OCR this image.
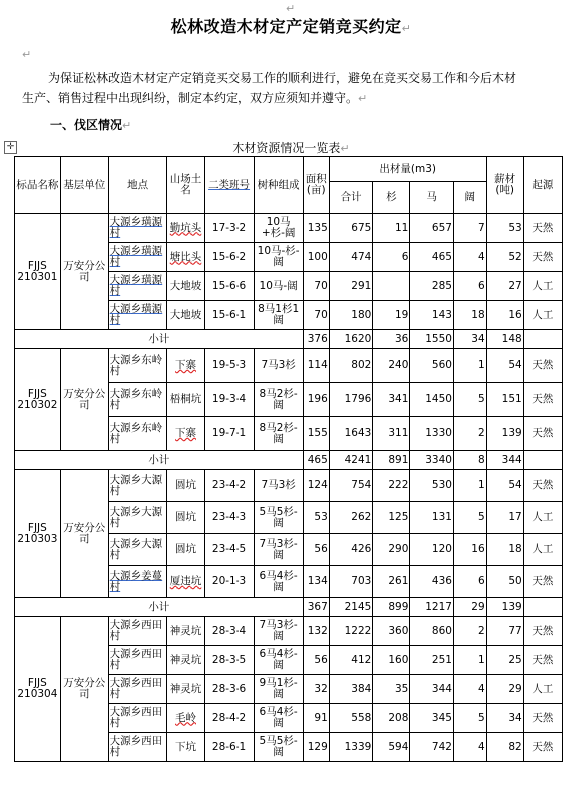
↵
松林改造木材定产定销竞买约定↵
↵
为保证松林改造木材定产定销竞买交易工作的顺利进行，避免在竞买交易工作和今后木材
生产、销售过程中出现纠纷，制定本约定，双方应须知并遵守。↵
一、伐区情况↵
✛	木材资源情况一览表↵
标品名称	基层单位	地点	山场土名	二类班号	树种组成	面积(亩)	出材量(m3)				薪材(吨)	起源
							合计	杉	马	阔		
FJJS 210301	万安分公司	大源乡璜源村	勤坑头	17-3-2	10马+杉-阔	135	675	11	657	7	53	天然
		大源乡璜源村	塘比头	15-6-2	10马-杉-阔	100	474	6	465	4	52	天然
		大源乡璜源村	大地坡	15-6-6	10马-阔	70	291		285	6	27	人工
		大源乡璜源村	大地坡	15-6-1	8马1杉1阔	70	180	19	143	18	16	人工
小计						376	1620	36	1550	34	148	
FJJS 210302	万安分公司	大源乡东岭村	下寨	19-5-3	7马3杉	114	802	240	560	1	54	天然
		大源乡东岭村	梧桐坑	19-3-4	8马2杉-阔	196	1796	341	1450	5	151	天然
		大源乡东岭村	下寨	19-7-1	8马2杉-阔	155	1643	311	1330	2	139	天然
小计						465	4241	891	3340	8	344	
FJJS 210303	万安分公司	大源乡大源村	圆坑	23-4-2	7马3杉	124	754	222	530	1	54	天然
		大源乡大源村	圆坑	23-4-3	5马5杉-阔	53	262	125	131	5	17	人工
		大源乡大源村	圆坑	23-4-5	7马3杉-阔	56	426	290	120	16	18	人工
		大源乡姜蔓村	厦违坑	20-1-3	6马4杉-阔	134	703	261	436	6	50	天然
小计						367	2145	899	1217	29	139	
FJJS 210304	万安分公司	大源乡西田村	神灵坑	28-3-4	7马3杉-阔	132	1222	360	860	2	77	天然
		大源乡西田村	神灵坑	28-3-5	6马4杉-阔	56	412	160	251	1	25	天然
		大源乡西田村	神灵坑	28-3-6	9马1杉-阔	32	384	35	344	4	29	人工
		大源乡西田村	毛岭	28-4-2	6马4杉-阔	91	558	208	345	5	34	天然
		大源乡西田村	下坑	28-6-1	5马5杉-阔	129	1339	594	742	4	82	天然
